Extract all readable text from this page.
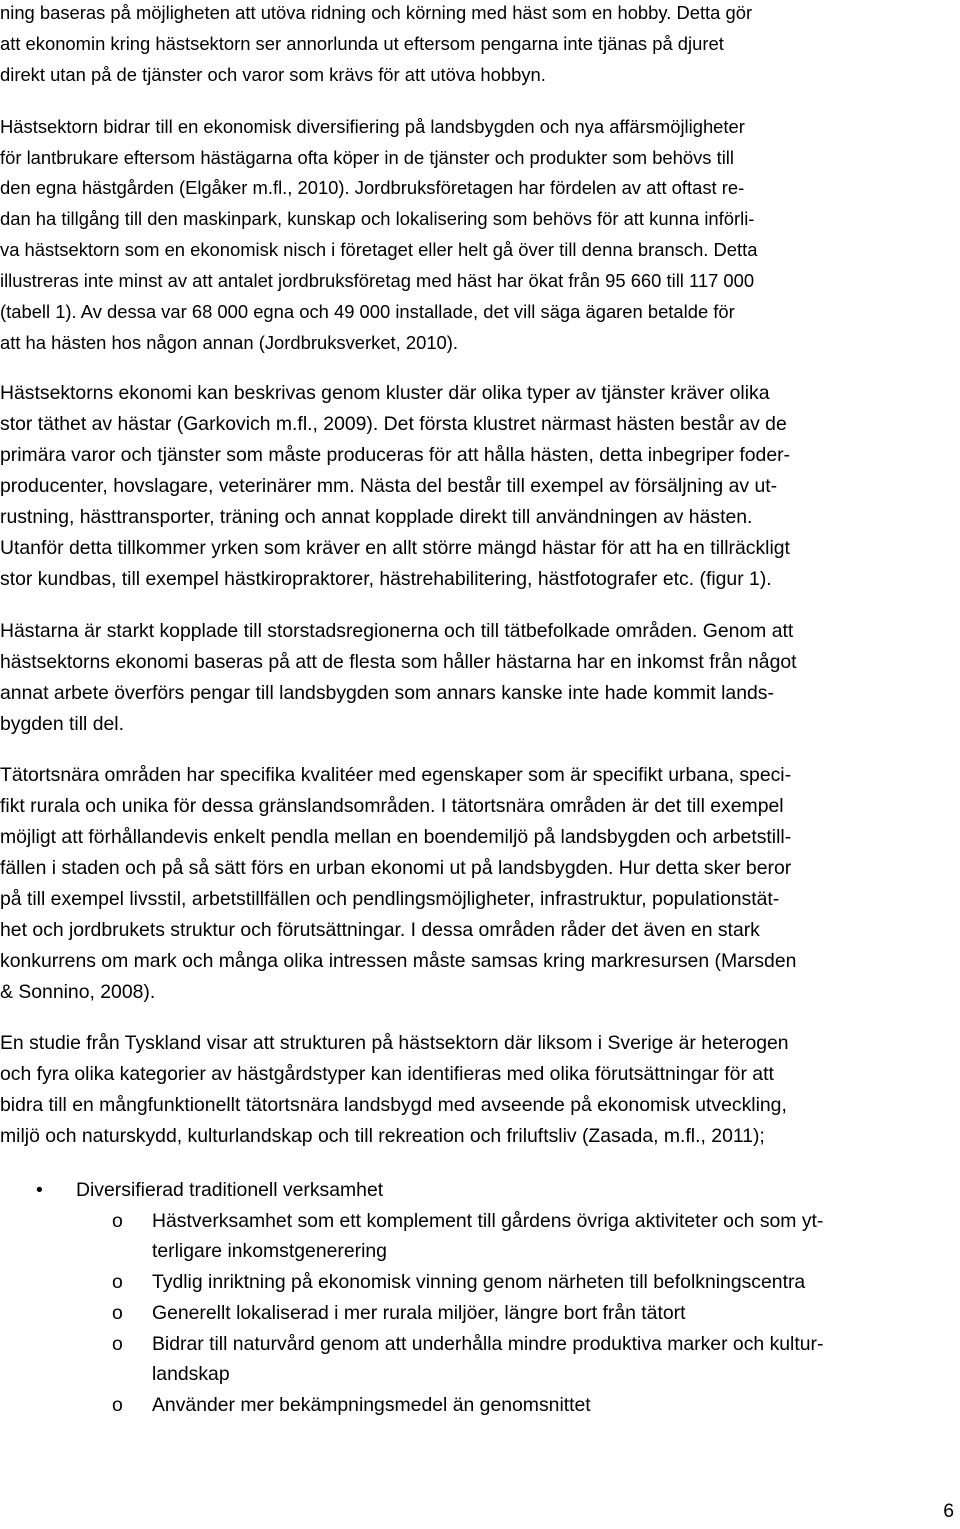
ning baseras på möjligheten att utöva ridning och körning med häst som en hobby. Detta gör
att ekonomin kring hästsektorn ser annorlunda ut eftersom pengarna inte tjänas på djuret
direkt utan på de tjänster och varor som krävs för att utöva hobbyn.
Hästsektorn bidrar till en ekonomisk diversifiering på landsbygden och nya affärsmöjligheter
för lantbrukare eftersom hästägarna ofta köper in de tjänster och produkter som behövs till
den egna hästgården (Elgåker m.fl., 2010). Jordbruksföretagen har fördelen av att oftast re-
dan ha tillgång till den maskinpark, kunskap och lokalisering som behövs för att kunna införli-
va hästsektorn som en ekonomisk nisch i företaget eller helt gå över till denna bransch. Detta
illustreras inte minst av att antalet jordbruksföretag med häst har ökat från 95 660 till 117 000
(tabell 1). Av dessa var 68 000 egna och 49 000 installade, det vill säga ägaren betalde för
att ha hästen hos någon annan (Jordbruksverket, 2010).
Hästsektorns ekonomi kan beskrivas genom kluster där olika typer av tjänster kräver olika
stor täthet av hästar (Garkovich m.fl., 2009). Det första klustret närmast hästen består av de
primära varor och tjänster som måste produceras för att hålla hästen, detta inbegriper foder-
producenter, hovslagare, veterinärer mm. Nästa del består till exempel av försäljning av ut-
rustning, hästtransporter, träning och annat kopplade direkt till användningen av hästen.
Utanför detta tillkommer yrken som kräver en allt större mängd hästar för att ha en tillräckligt
stor kundbas, till exempel hästkiropraktorer, hästrehabilitering, hästfotografer etc. (figur 1).
Hästarna är starkt kopplade till storstadsregionerna och till tätbefolkade områden. Genom att
hästsektorns ekonomi baseras på att de flesta som håller hästarna har en inkomst från något
annat arbete överförs pengar till landsbygden som annars kanske inte hade kommit lands-
bygden till del.
Tätortsnära områden har specifika kvalitéer med egenskaper som är specifikt urbana, speci-
fikt rurala och unika för dessa gränslandsområden. I tätortsnära områden är det till exempel
möjligt att förhållandevis enkelt pendla mellan en boendemiljö på landsbygden och arbetstill-
fällen i staden och på så sätt förs en urban ekonomi ut på landsbygden. Hur detta sker beror
på till exempel livsstil, arbetstillfällen och pendlingsmöjligheter, infrastruktur, populationstät-
het och jordbrukets struktur och förutsättningar. I dessa områden råder det även en stark
konkurrens om mark och många olika intressen måste samsas kring markresursen (Marsden
& Sonnino, 2008).
En studie från Tyskland visar att strukturen på hästsektorn där liksom i Sverige är heterogen
och fyra olika kategorier av hästgårdstyper kan identifieras med olika förutsättningar för att
bidra till en mångfunktionellt tätortsnära landsbygd med avseende på ekonomisk utveckling,
miljö och naturskydd, kulturlandskap och till rekreation och friluftsliv (Zasada, m.fl., 2011);
• Diversifierad traditionell verksamhet
o Hästverksamhet som ett komplement till gårdens övriga aktiviteter och som yt-
terligare inkomstgenerering
o Tydlig inriktning på ekonomisk vinning genom närheten till befolkningscentra
o Generellt lokaliserad i mer rurala miljöer, längre bort från tätort
o Bidrar till naturvård genom att underhålla mindre produktiva marker och kultur-
landskap
o Använder mer bekämpningsmedel än genomsnittet
6
